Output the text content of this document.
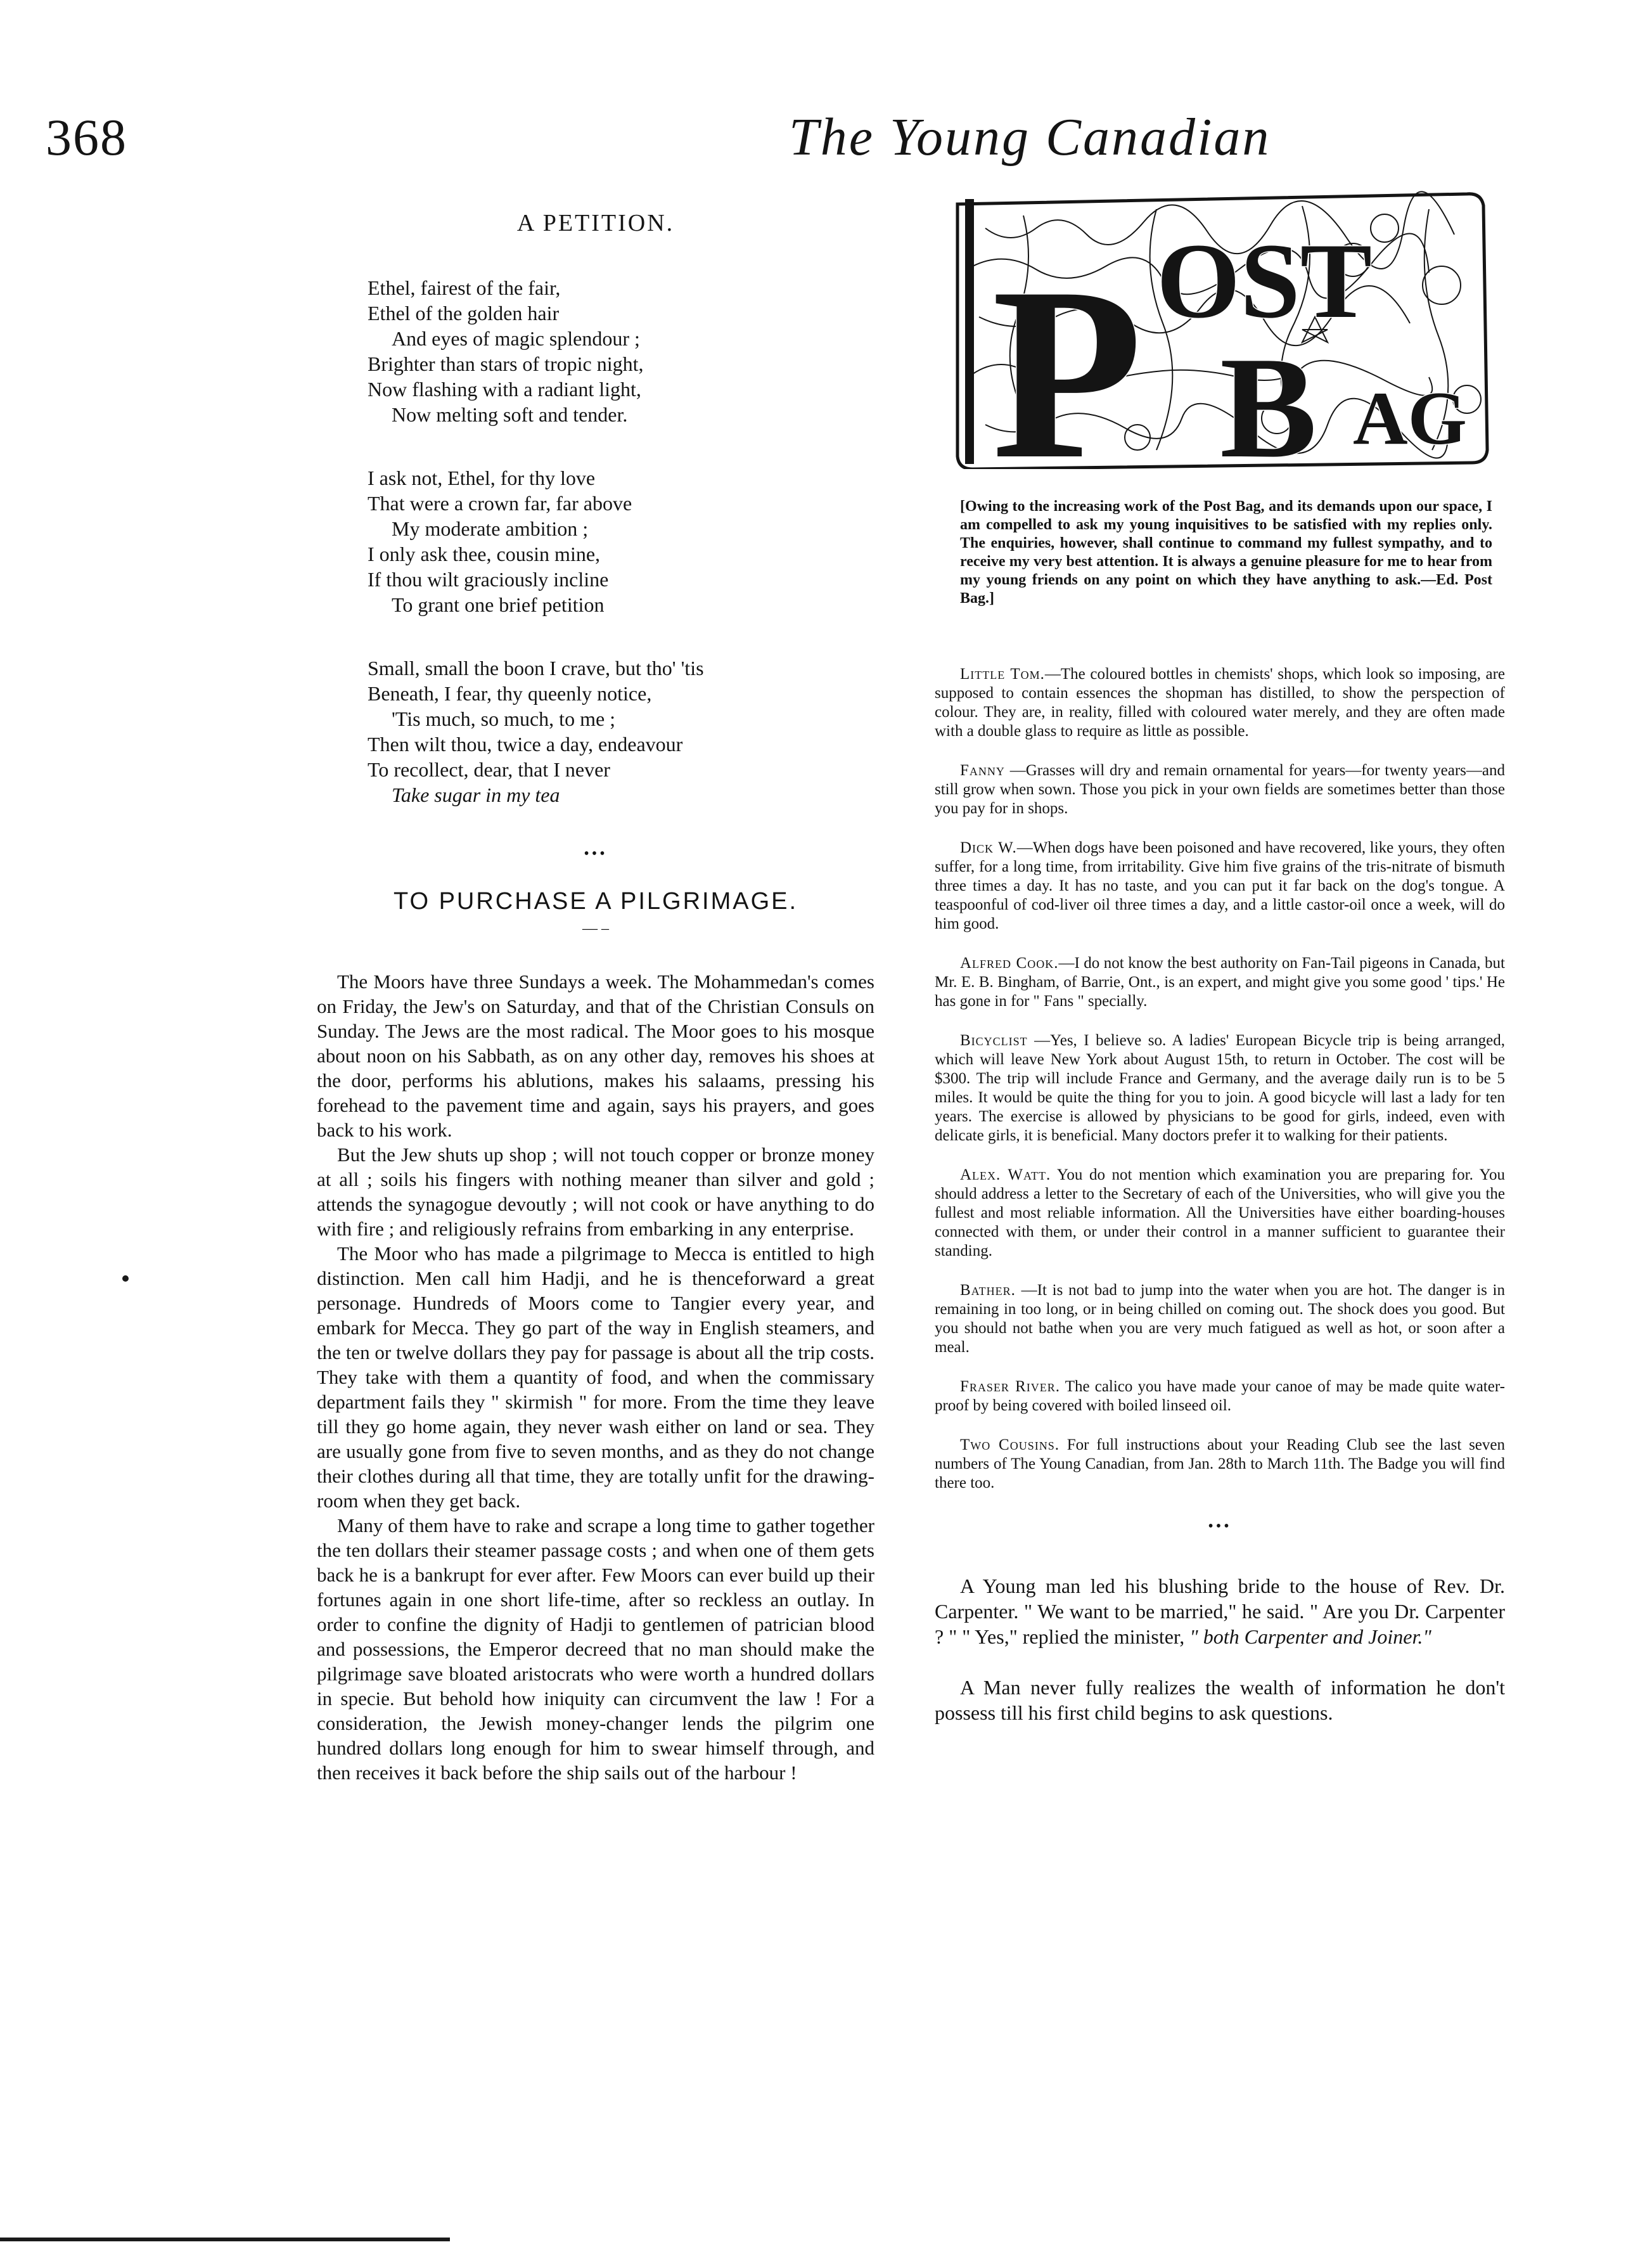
368	The Young Canadian
A PETITION.
Ethel, fairest of the fair,
Ethel of the golden hair
And eyes of magic splendour ;
Brighter than stars of tropic night,
Now flashing with a radiant light,
Now melting soft and tender.
I ask not, Ethel, for thy love
That were a crown far, far above
My moderate ambition ;
I only ask thee, cousin mine,
If thou wilt graciously incline
To grant one brief petition
Small, small the boon I crave, but tho' 'tis
Beneath, I fear, thy queenly notice,
'Tis much, so much, to me ;
Then wilt thou, twice a day, endeavour
To recollect, dear, that I never
Take sugar in my tea
•••
TO PURCHASE A PILGRIMAGE.
— –

The Moors have three Sundays a week. The Mohammedan's comes on Friday, the Jew's on Saturday, and that of the Christian Consuls on Sunday. The Jews are the most radical. The Moor goes to his mosque about noon on his Sabbath, as on any other day, removes his shoes at the door, performs his ablutions, makes his salaams, pressing his forehead to the pavement time and again, says his prayers, and goes back to his work.

But the Jew shuts up shop ; will not touch copper or bronze money at all ; soils his fingers with nothing meaner than silver and gold ; attends the synagogue devoutly ; will not cook or have anything to do with fire ; and religiously refrains from embarking in any enterprise.

The Moor who has made a pilgrimage to Mecca is entitled to high distinction. Men call him Hadji, and he is thenceforward a great personage. Hundreds of Moors come to Tangier every year, and embark for Mecca. They go part of the way in English steamers, and the ten or twelve dollars they pay for passage is about all the trip costs. They take with them a quantity of food, and when the commissary department fails they " skirmish " for more. From the time they leave till they go home again, they never wash either on land or sea. They are usually gone from five to seven months, and as they do not change their clothes during all that time, they are totally unfit for the drawing-room when they get back.

Many of them have to rake and scrape a long time to gather together the ten dollars their steamer passage costs ; and when one of them gets back he is a bankrupt for ever after. Few Moors can ever build up their fortunes again in one short life-time, after so reckless an outlay. In order to confine the dignity of Hadji to gentlemen of patrician blood and possessions, the Emperor decreed that no man should make the pilgrimage save bloated aristocrats who were worth a hundred dollars in specie. But behold how iniquity can circumvent the law ! For a consideration, the Jewish money-changer lends the pilgrim one hundred dollars long enough for him to swear himself through, and then receives it back before the ship sails out of the harbour !

P OST
B AG
[Owing to the increasing work of the Post Bag, and its demands upon our space, I am compelled to ask my young inquisitives to be satisfied with my replies only. The enquiries, however, shall continue to command my fullest sympathy, and to receive my very best attention. It is always a genuine pleasure for me to hear from my young friends on any point on which they have anything to ask.—Ed. Post Bag.]

Little Tom.—The coloured bottles in chemists' shops, which look so imposing, are supposed to contain essences the shopman has distilled, to show the perspection of colour. They are, in reality, filled with coloured water merely, and they are often made with a double glass to require as little as possible.

Fanny —Grasses will dry and remain ornamental for years—for twenty years—and still grow when sown. Those you pick in your own fields are sometimes better than those you pay for in shops.

Dick W.—When dogs have been poisoned and have recovered, like yours, they often suffer, for a long time, from irritability. Give him five grains of the tris-nitrate of bismuth three times a day. It has no taste, and you can put it far back on the dog's tongue. A teaspoonful of cod-liver oil three times a day, and a little castor-oil once a week, will do him good.

Alfred Cook.—I do not know the best authority on Fan-Tail pigeons in Canada, but Mr. E. B. Bingham, of Barrie, Ont., is an expert, and might give you some good ' tips.' He has gone in for " Fans " specially.

Bicyclist —Yes, I believe so. A ladies' European Bicycle trip is being arranged, which will leave New York about August 15th, to return in October. The cost will be $300. The trip will include France and Germany, and the average daily run is to be 5 miles. It would be quite the thing for you to join. A good bicycle will last a lady for ten years. The exercise is allowed by physicians to be good for girls, indeed, even with delicate girls, it is beneficial. Many doctors prefer it to walking for their patients.

Alex. Watt. You do not mention which examination you are preparing for. You should address a letter to the Secretary of each of the Universities, who will give you the fullest and most reliable information. All the Universities have either boarding-houses connected with them, or under their control in a manner sufficient to guarantee their standing.

Bather. —It is not bad to jump into the water when you are hot. The danger is in remaining in too long, or in being chilled on coming out. The shock does you good. But you should not bathe when you are very much fatigued as well as hot, or soon after a meal.

Fraser River. The calico you have made your canoe of may be made quite water-proof by being covered with boiled linseed oil.

Two Cousins. For full instructions about your Reading Club see the last seven numbers of The Young Canadian, from Jan. 28th to March 11th. The Badge you will find there too.

•••

A Young man led his blushing bride to the house of Rev. Dr. Carpenter. " We want to be married," he said. " Are you Dr. Carpenter ? " " Yes," replied the minister, " both Carpenter and Joiner."

A Man never fully realizes the wealth of information he don't possess till his first child begins to ask questions.
